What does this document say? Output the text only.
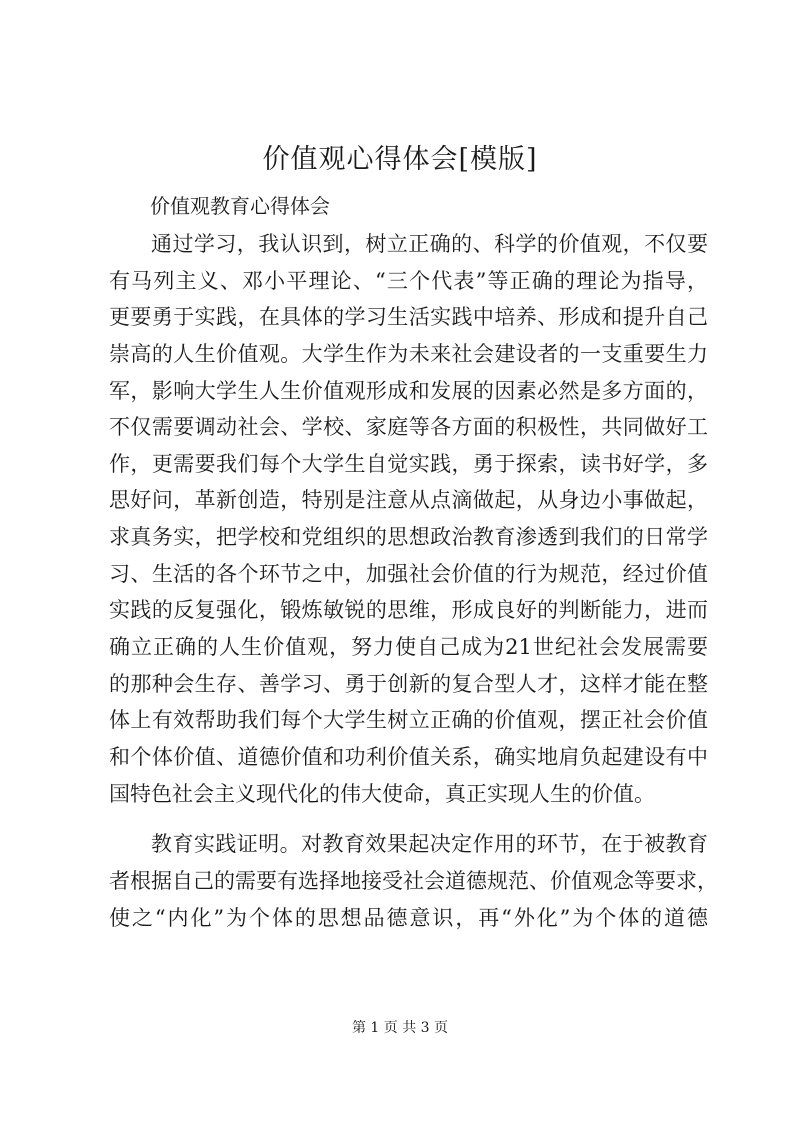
价值观心得体会[模版]

价值观教育心得体会

通过学习，我认识到，树立正确的、科学的价值观，不仅要
有马列主义、邓小平理论、“三个代表”等正确的理论为指导，
更要勇于实践，在具体的学习生活实践中培养、形成和提升自己
崇高的人生价值观。大学生作为未来社会建设者的一支重要生力
军，影响大学生人生价值观形成和发展的因素必然是多方面的，
不仅需要调动社会、学校、家庭等各方面的积极性，共同做好工
作，更需要我们每个大学生自觉实践，勇于探索，读书好学，多
思好问，革新创造，特别是注意从点滴做起，从身边小事做起，
求真务实，把学校和党组织的思想政治教育渗透到我们的日常学
习、生活的各个环节之中，加强社会价值的行为规范，经过价值
实践的反复强化，锻炼敏锐的思维，形成良好的判断能力，进而
确立正确的人生价值观，努力使自己成为21世纪社会发展需要
的那种会生存、善学习、勇于创新的复合型人才，这样才能在整
体上有效帮助我们每个大学生树立正确的价值观，摆正社会价值
和个体价值、道德价值和功利价值关系，确实地肩负起建设有中
国特色社会主义现代化的伟大使命，真正实现人生的价值。
教育实践证明。对教育效果起决定作用的环节，在于被教育
者根据自己的需要有选择地接受社会道德规范、价值观念等要求，
使之“内化”为个体的思想品德意识，再“外化”为个体的道德
第 1 页 共 3 页
